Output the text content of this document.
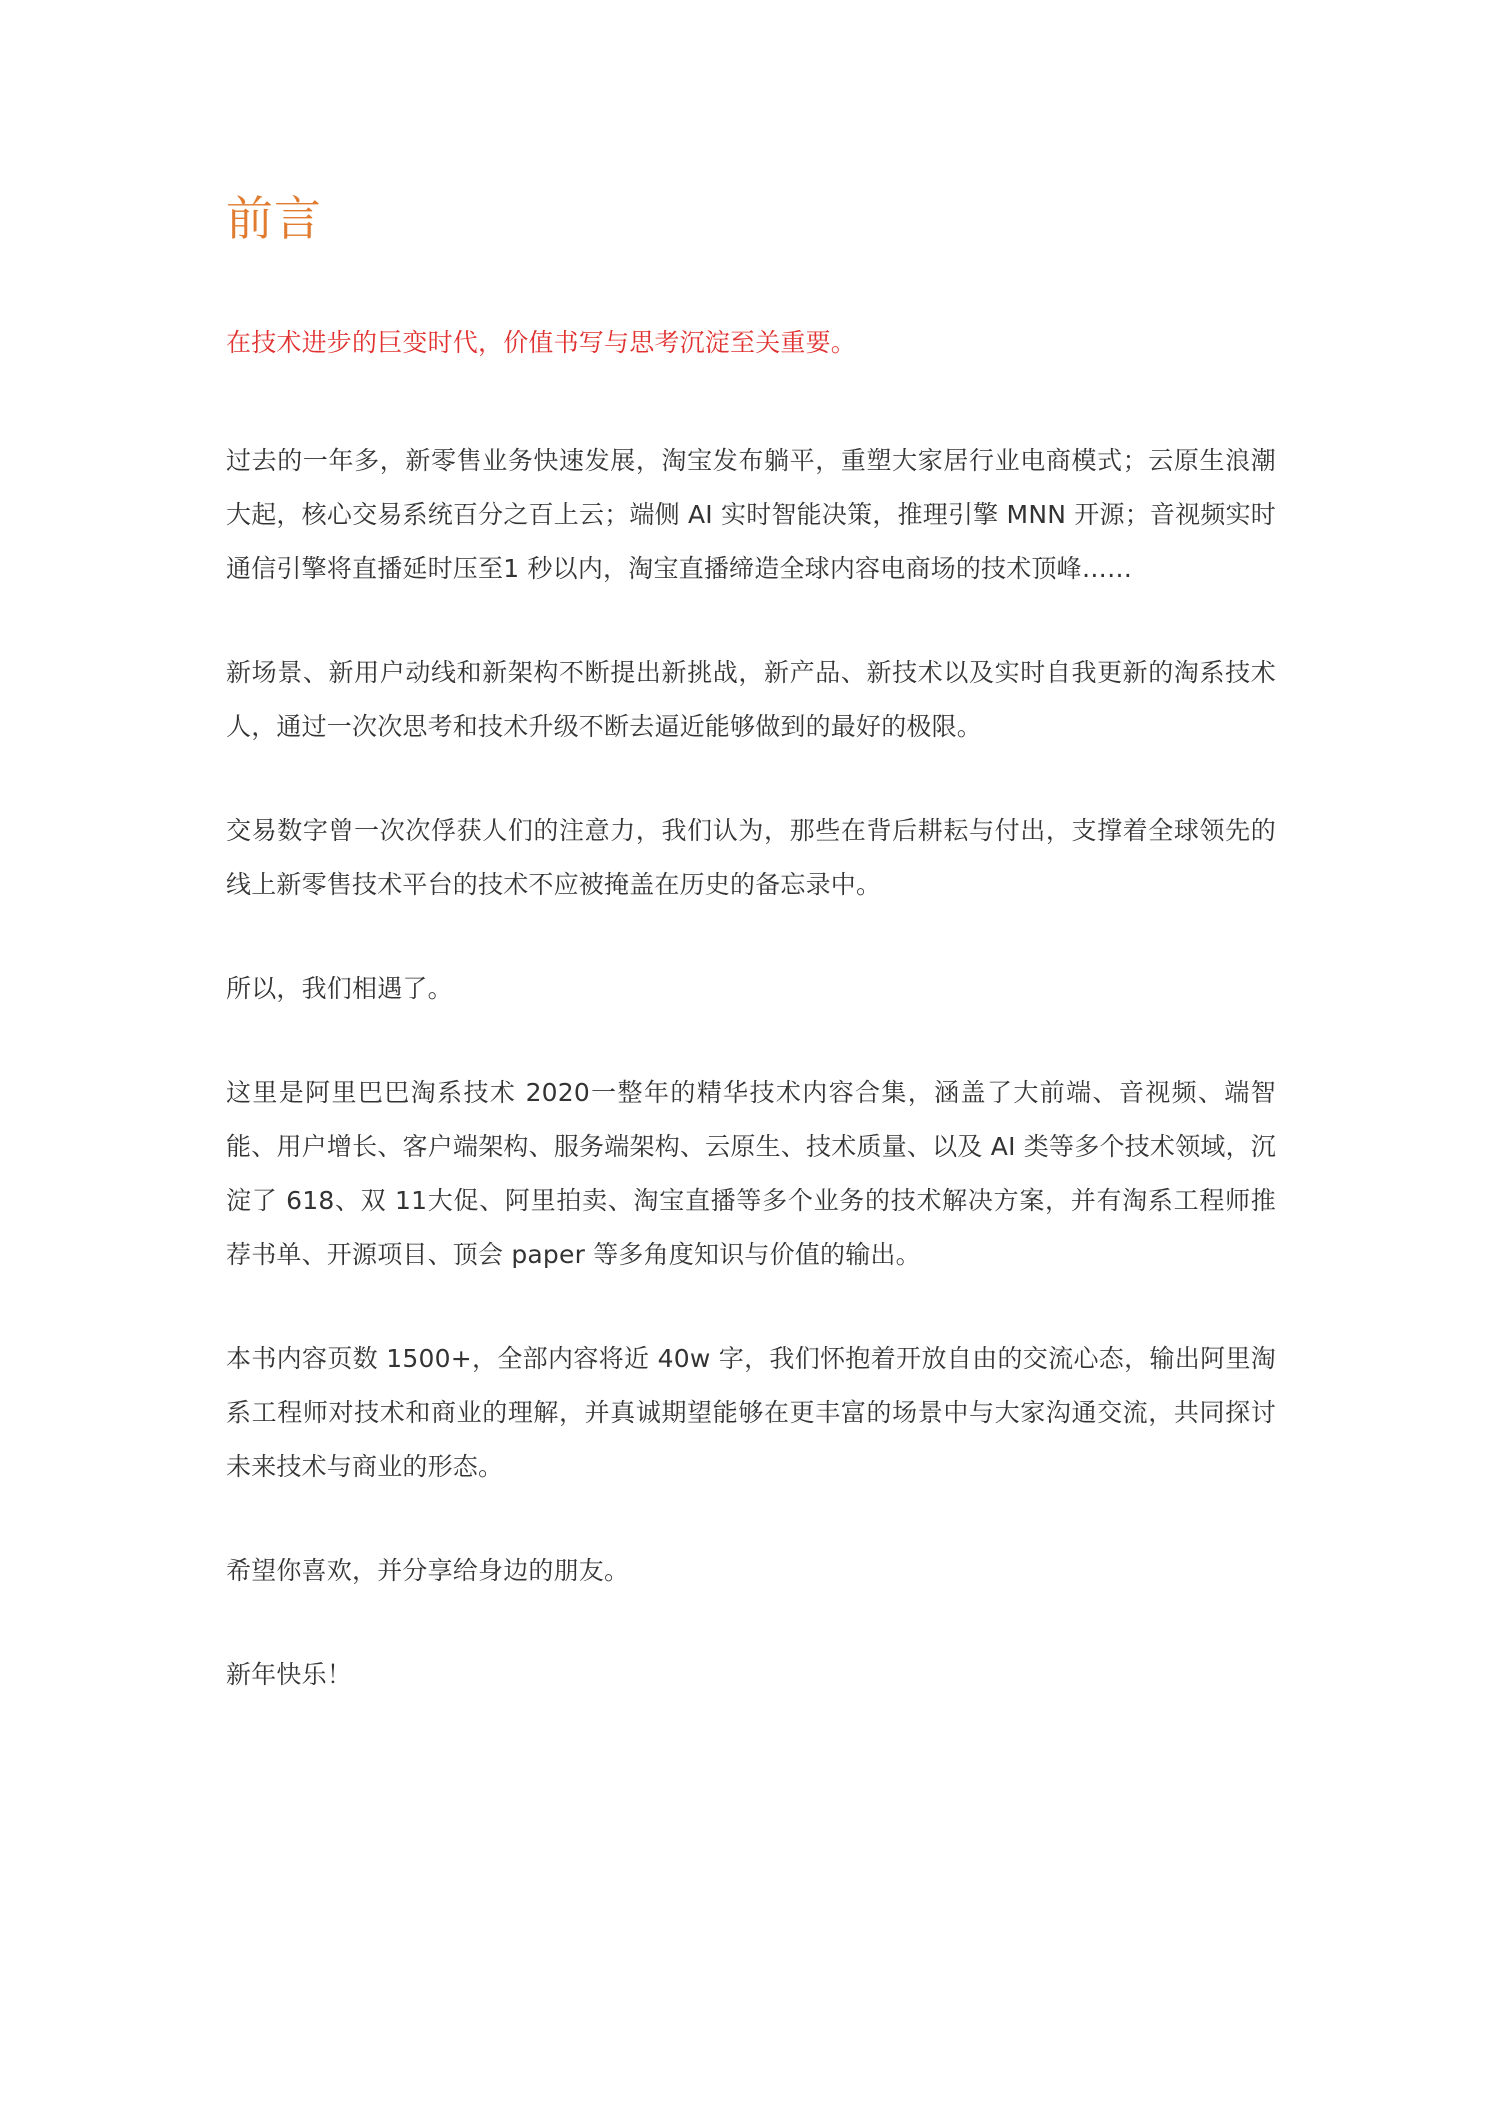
前言

在技术进步的巨变时代，价值书写与思考沉淀至关重要。

过去的一年多，新零售业务快速发展，淘宝发布躺平，重塑大家居行业电商模式；云原生浪潮大起，核心交易系统百分之百上云；端侧 AI 实时智能决策，推理引擎 MNN 开源；音视频实时通信引擎将直播延时压至1 秒以内，淘宝直播缔造全球内容电商场的技术顶峰……

新场景、新用户动线和新架构不断提出新挑战，新产品、新技术以及实时自我更新的淘系技术人，通过一次次思考和技术升级不断去逼近能够做到的最好的极限。

交易数字曾一次次俘获人们的注意力，我们认为，那些在背后耕耘与付出，支撑着全球领先的线上新零售技术平台的技术不应被掩盖在历史的备忘录中。

所以，我们相遇了。

这里是阿里巴巴淘系技术 2020一整年的精华技术内容合集，涵盖了大前端、音视频、端智能、用户增长、客户端架构、服务端架构、云原生、技术质量、以及 AI 类等多个技术领域，沉淀了 618、双 11大促、阿里拍卖、淘宝直播等多个业务的技术解决方案，并有淘系工程师推荐书单、开源项目、顶会 paper 等多角度知识与价值的输出。

本书内容页数 1500+，全部内容将近 40w 字，我们怀抱着开放自由的交流心态，输出阿里淘系工程师对技术和商业的理解，并真诚期望能够在更丰富的场景中与大家沟通交流，共同探讨未来技术与商业的形态。

希望你喜欢，并分享给身边的朋友。

新年快乐！
